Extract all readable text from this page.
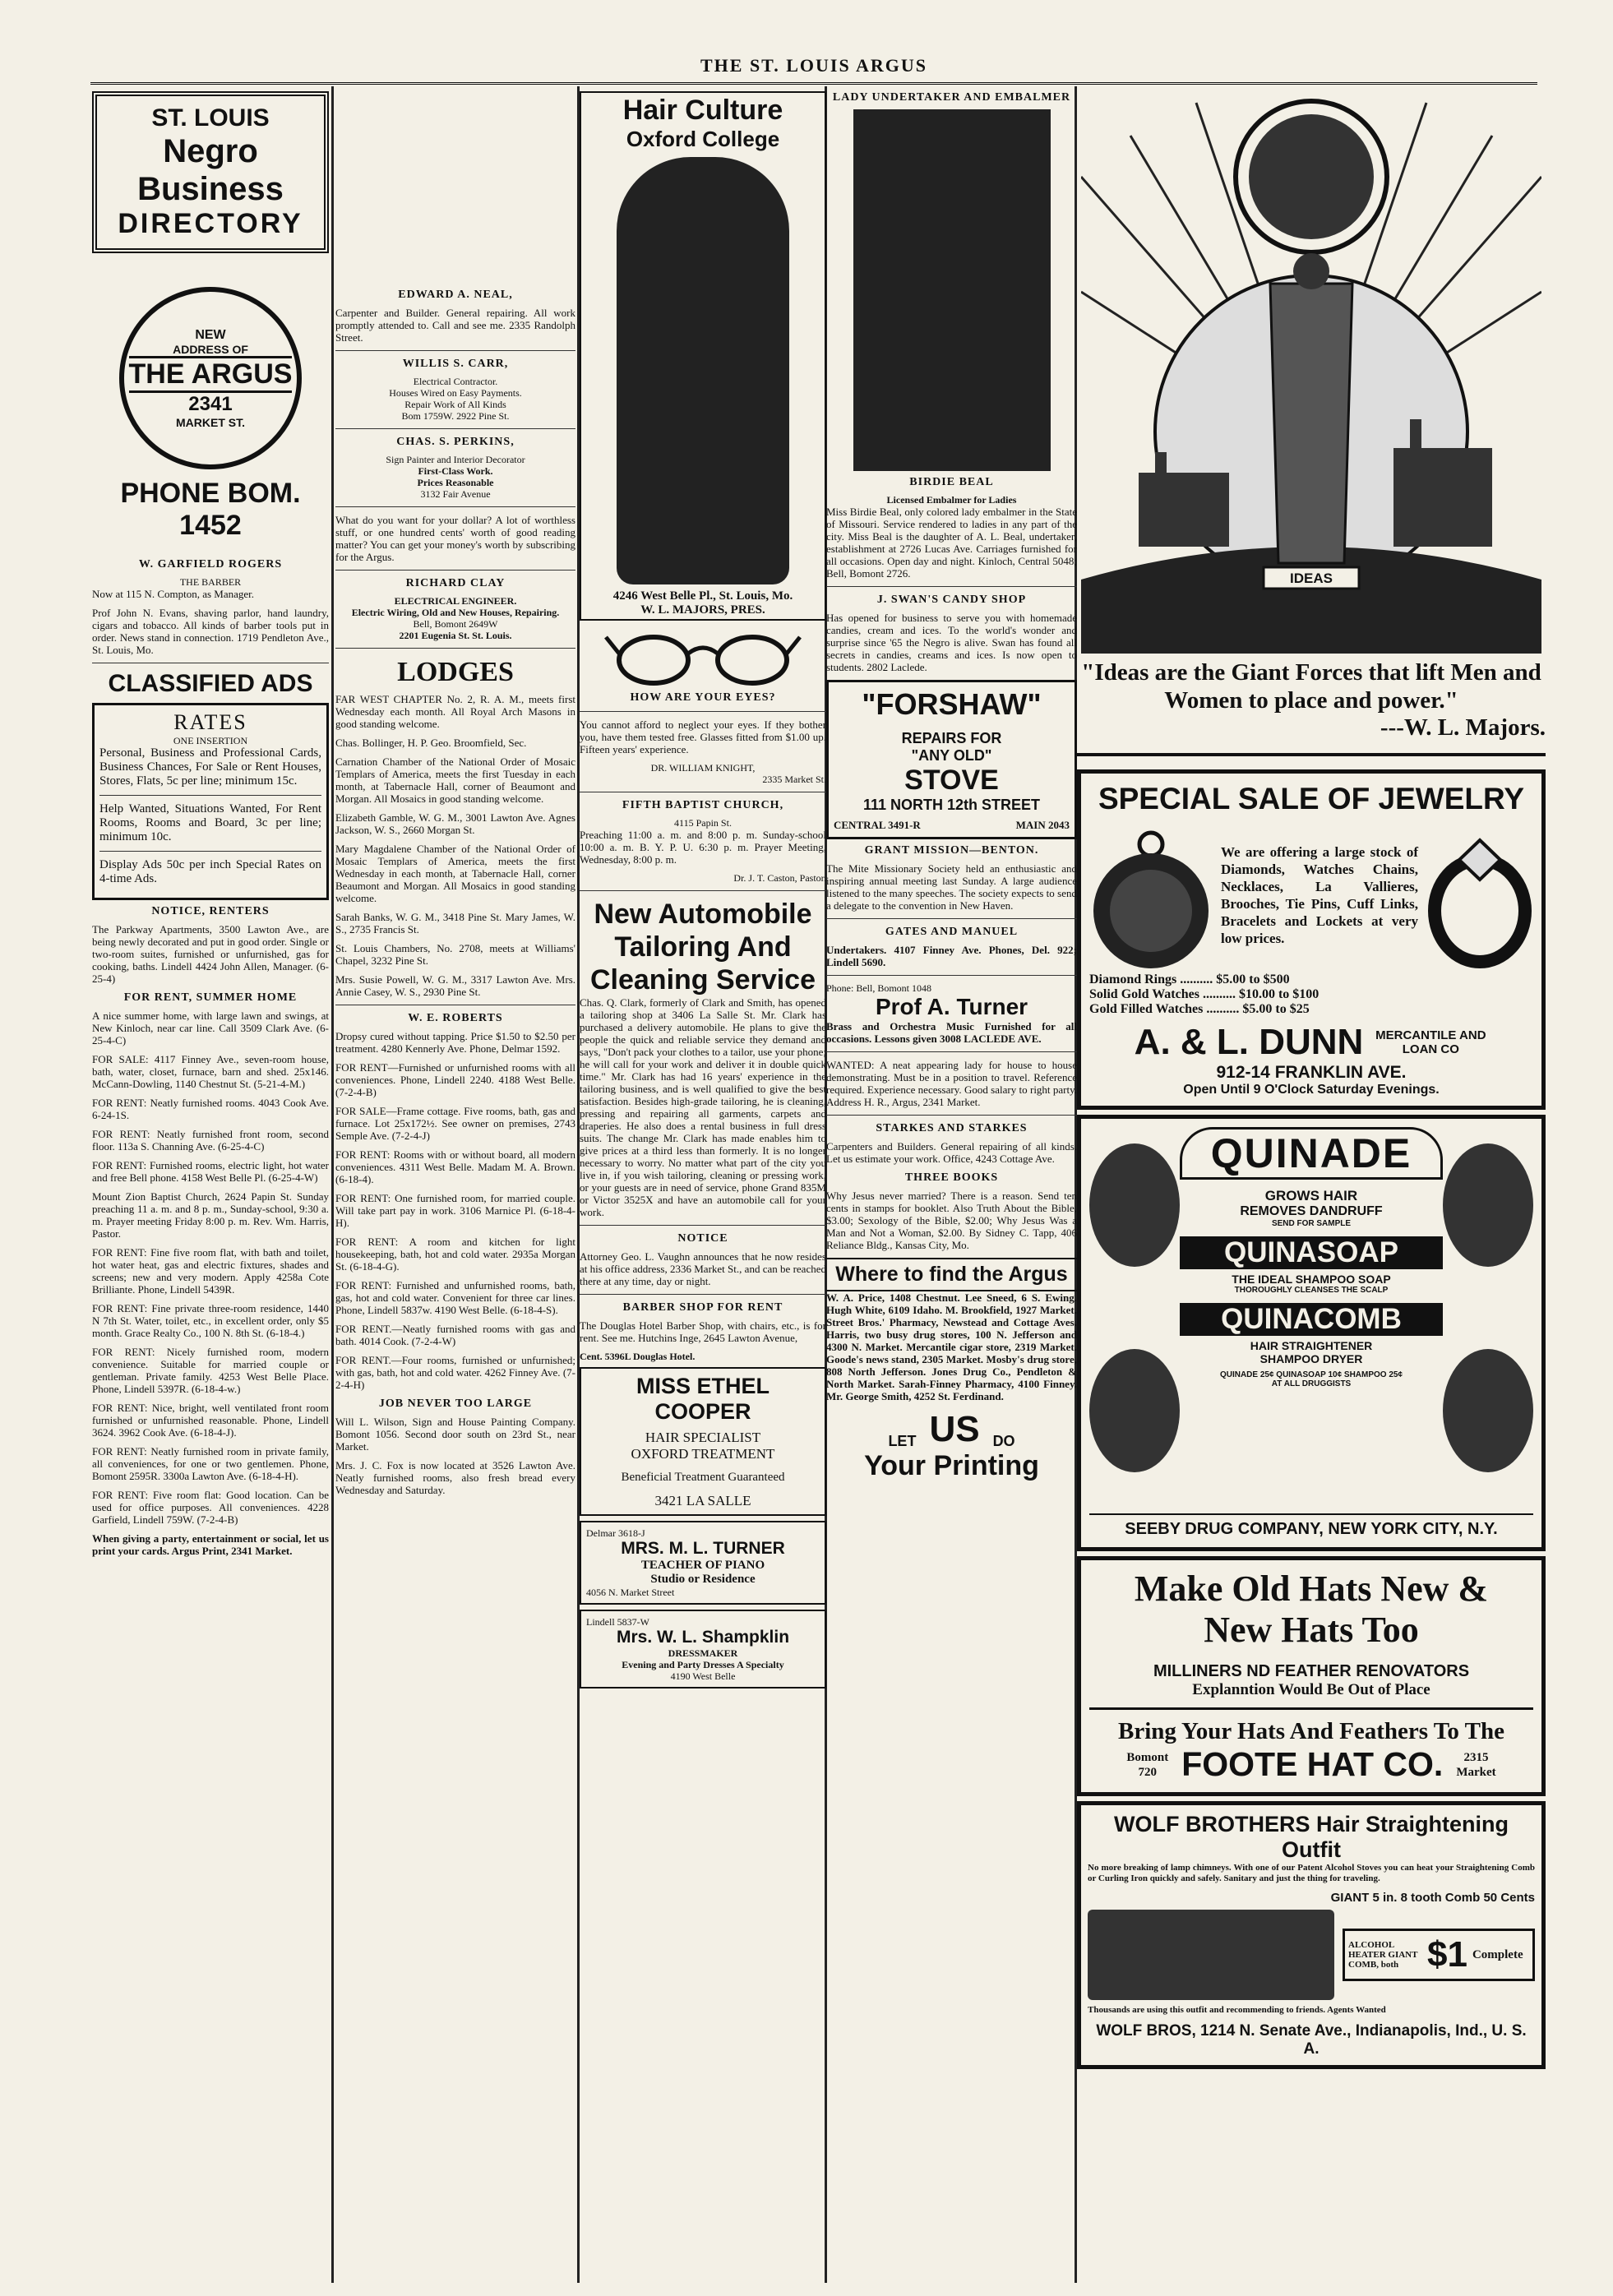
THE ST. LOUIS ARGUS
ST. LOUIS
Negro Business
DIRECTORY
NEW
ADDRESS OF
THE ARGUS
2341
MARKET ST.
PHONE BOM. 1452
W. GARFIELD ROGERS
THE BARBER

Now at 115 N. Compton, as Manager.

Prof John N. Evans, shaving parlor, hand laundry, cigars and tobacco. All kinds of barber tools put in order. News stand in connection. 1719 Pendleton Ave., St. Louis, Mo.

CLASSIFIED ADS
RATES
ONE INSERTION

Personal, Business and Professional Cards, Business Chances, For Sale or Rent Houses, Stores, Flats, 5c per line; minimum 15c.

Help Wanted, Situations Wanted, For Rent Rooms, Rooms and Board, 3c per line; minimum 10c.

Display Ads 50c per inch Special Rates on 4-time Ads.

NOTICE, RENTERS

The Parkway Apartments, 3500 Lawton Ave., are being newly decorated and put in good order. Single or two-room suites, furnished or unfurnished, gas for cooking, baths. Lindell 4424 John Allen, Manager. (6-25-4)

FOR RENT, SUMMER HOME

A nice summer home, with large lawn and swings, at New Kinloch, near car line. Call 3509 Clark Ave. (6-25-4-C)

FOR SALE: 4117 Finney Ave., seven-room house, bath, water, closet, furnace, barn and shed. 25x146. McCann-Dowling, 1140 Chestnut St. (5-21-4-M.)

FOR RENT: Neatly furnished rooms. 4043 Cook Ave. 6-24-1S.

FOR RENT: Neatly furnished front room, second floor. 113a S. Channing Ave. (6-25-4-C)

FOR RENT: Furnished rooms, electric light, hot water and free Bell phone. 4158 West Belle Pl. (6-25-4-W)

Mount Zion Baptist Church, 2624 Papin St. Sunday preaching 11 a. m. and 8 p. m., Sunday-school, 9:30 a. m. Prayer meeting Friday 8:00 p. m. Rev. Wm. Harris, Pastor.

FOR RENT: Fine five room flat, with bath and toilet, hot water heat, gas and electric fixtures, shades and screens; new and very modern. Apply 4258a Cote Brilliante. Phone, Lindell 5439R.

FOR RENT: Fine private three-room residence, 1440 N 7th St. Water, toilet, etc., in excellent order, only $5 month. Grace Realty Co., 100 N. 8th St. (6-18-4.)

FOR RENT: Nicely furnished room, modern convenience. Suitable for married couple or gentleman. Private family. 4253 West Belle Place. Phone, Lindell 5397R. (6-18-4-w.)

FOR RENT: Nice, bright, well ventilated front room furnished or unfurnished reasonable. Phone, Lindell 3624. 3962 Cook Ave. (6-18-4-J).

FOR RENT: Neatly furnished room in private family, all conveniences, for one or two gentlemen. Phone, Bomont 2595R. 3300a Lawton Ave. (6-18-4-H).

FOR RENT: Five room flat: Good location. Can be used for office purposes. All conveniences. 4228 Garfield, Lindell 759W. (7-2-4-B)

When giving a party, entertainment or social, let us print your cards. Argus Print, 2341 Market.

EDWARD A. NEAL,

Carpenter and Builder. General repairing. All work promptly attended to. Call and see me. 2335 Randolph Street.

WILLIS S. CARR,
Electrical Contractor.
Houses Wired on Easy Payments.
Repair Work of All Kinds
Bom 1759W. 2922 Pine St.
CHAS. S. PERKINS,
Sign Painter and Interior Decorator
First-Class Work.
Prices Reasonable
3132 Fair Avenue

What do you want for your dollar? A lot of worthless stuff, or one hundred cents' worth of good reading matter? You can get your money's worth by subscribing for the Argus.

RICHARD CLAY
ELECTRICAL ENGINEER.
Electric Wiring, Old and New Houses, Repairing.
Bell, Bomont 2649W
2201 Eugenia St. St. Louis.
LODGES

FAR WEST CHAPTER No. 2, R. A. M., meets first Wednesday each month. All Royal Arch Masons in good standing welcome.

Chas. Bollinger, H. P. Geo. Broomfield, Sec.

Carnation Chamber of the National Order of Mosaic Templars of America, meets the first Tuesday in each month, at Tabernacle Hall, corner of Beaumont and Morgan. All Mosaics in good standing welcome.

Elizabeth Gamble, W. G. M., 3001 Lawton Ave. Agnes Jackson, W. S., 2660 Morgan St.

Mary Magdalene Chamber of the National Order of Mosaic Templars of America, meets the first Wednesday in each month, at Tabernacle Hall, corner Beaumont and Morgan. All Mosaics in good standing welcome.

Sarah Banks, W. G. M., 3418 Pine St. Mary James, W. S., 2735 Francis St.

St. Louis Chambers, No. 2708, meets at Williams' Chapel, 3232 Pine St.

Mrs. Susie Powell, W. G. M., 3317 Lawton Ave. Mrs. Annie Casey, W. S., 2930 Pine St.

W. E. ROBERTS

Dropsy cured without tapping. Price $1.50 to $2.50 per treatment. 4280 Kennerly Ave. Phone, Delmar 1592.

FOR RENT—Furnished or unfurnished rooms with all conveniences. Phone, Lindell 2240. 4188 West Belle. (7-2-4-B)

FOR SALE—Frame cottage. Five rooms, bath, gas and furnace. Lot 25x172½. See owner on premises, 2743 Semple Ave. (7-2-4-J)

FOR RENT: Rooms with or without board, all modern conveniences. 4311 West Belle. Madam M. A. Brown. (6-18-4).

FOR RENT: One furnished room, for married couple. Will take part pay in work. 3106 Marnice Pl. (6-18-4-H).

FOR RENT: A room and kitchen for light housekeeping, bath, hot and cold water. 2935a Morgan St. (6-18-4-G).

FOR RENT: Furnished and unfurnished rooms, bath, gas, hot and cold water. Convenient for three car lines. Phone, Lindell 5837w. 4190 West Belle. (6-18-4-S).

FOR RENT.—Neatly furnished rooms with gas and bath. 4014 Cook. (7-2-4-W)

FOR RENT.—Four rooms, furnished or unfurnished; with gas, bath, hot and cold water. 4262 Finney Ave. (7-2-4-H)

JOB NEVER TOO LARGE

Will L. Wilson, Sign and House Painting Company. Bomont 1056. Second door south on 23rd St., near Market.

Mrs. J. C. Fox is now located at 3526 Lawton Ave. Neatly furnished rooms, also fresh bread every Wednesday and Saturday.

Hair Culture
Oxford College
4246 West Belle Pl., St. Louis, Mo.
W. L. MAJORS, PRES.
HOW ARE YOUR EYES?

You cannot afford to neglect your eyes. If they bother you, have them tested free. Glasses fitted from $1.00 up. Fifteen years' experience.

DR. WILLIAM KNIGHT,
2335 Market St.
FIFTH BAPTIST CHURCH,
4115 Papin St.

Preaching 11:00 a. m. and 8:00 p. m. Sunday-school 10:00 a. m. B. Y. P. U. 6:30 p. m. Prayer Meeting, Wednesday, 8:00 p. m.

Dr. J. T. Caston, Pastor.
New Automobile
Tailoring And
Cleaning Service

Chas. Q. Clark, formerly of Clark and Smith, has opened a tailoring shop at 3406 La Salle St. Mr. Clark has purchased a delivery automobile. He plans to give the people the quick and reliable service they demand and says, "Don't pack your clothes to a tailor, use your phone; he will call for your work and deliver it in double quick time." Mr. Clark has had 16 years' experience in the tailoring business, and is well qualified to give the best satisfaction. Besides high-grade tailoring, he is cleaning, pressing and repairing all garments, carpets and draperies. He also does a rental business in full dress suits. The change Mr. Clark has made enables him to give prices at a third less than formerly. It is no longer necessary to worry. No matter what part of the city you live in, if you wish tailoring, cleaning or pressing work, or your guests are in need of service, phone Grand 835M or Victor 3525X and have an automobile call for your work.

NOTICE

Attorney Geo. L. Vaughn announces that he now resides at his office address, 2336 Market St., and can be reached there at any time, day or night.

BARBER SHOP FOR RENT

The Douglas Hotel Barber Shop, with chairs, etc., is for rent. See me. Hutchins Inge, 2645 Lawton Avenue,

Cent. 5396L Douglas Hotel.
MISS ETHEL COOPER
HAIR SPECIALIST
OXFORD TREATMENT
Beneficial Treatment Guaranteed
3421 LA SALLE
Delmar 3618-J
MRS. M. L. TURNER
TEACHER OF PIANO
Studio or Residence
4056 N. Market Street
Lindell 5837-W
Mrs. W. L. Shampklin
DRESSMAKER
Evening and Party Dresses A Specialty
4190 West Belle
LADY UNDERTAKER AND EMBALMER
BIRDIE BEAL
Licensed Embalmer for Ladies

Miss Birdie Beal, only colored lady embalmer in the State of Missouri. Service rendered to ladies in any part of the city. Miss Beal is the daughter of A. L. Beal, undertaker, establishment at 2726 Lucas Ave. Carriages furnished for all occasions. Open day and night. Kinloch, Central 5048; Bell, Bomont 2726.

J. SWAN'S CANDY SHOP

Has opened for business to serve you with homemade candies, cream and ices. To the world's wonder and surprise since '65 the Negro is alive. Swan has found all secrets in candies, creams and ices. Is now open to students. 2802 Laclede.

"FORSHAW"
REPAIRS FOR
"ANY OLD"
STOVE
111 NORTH 12th STREET
CENTRAL 3491-R	MAIN 2043
GRANT MISSION—BENTON.

The Mite Missionary Society held an enthusiastic and inspiring annual meeting last Sunday. A large audience listened to the many speeches. The society expects to send a delegate to the convention in New Haven.

GATES AND MANUEL

Undertakers. 4107 Finney Ave. Phones, Del. 922; Lindell 5690.

Phone: Bell, Bomont 1048
Prof A. Turner

Brass and Orchestra Music Furnished for all occasions. Lessons given 3008 LACLEDE AVE.

WANTED: A neat appearing lady for house to house demonstrating. Must be in a position to travel. Reference required. Experience necessary. Good salary to right party. Address H. R., Argus, 2341 Market.

STARKES AND STARKES

Carpenters and Builders. General repairing of all kinds. Let us estimate your work. Office, 4243 Cottage Ave.

THREE BOOKS

Why Jesus never married? There is a reason. Send ten cents in stamps for booklet. Also Truth About the Bible, $3.00; Sexology of the Bible, $2.00; Why Jesus Was a Man and Not a Woman, $2.00. By Sidney C. Tapp, 406 Reliance Bldg., Kansas City, Mo.

Where to find the Argus

W. A. Price, 1408 Chestnut. Lee Sneed, 6 S. Ewing. Hugh White, 6109 Idaho. M. Brookfield, 1927 Market. Street Bros.' Pharmacy, Newstead and Cottage Aves. Harris, two busy drug stores, 100 N. Jefferson and 4300 N. Market. Mercantile cigar store, 2319 Market. Goode's news stand, 2305 Market. Mosby's drug store, 808 North Jefferson. Jones Drug Co., Pendleton & North Market. Sarah-Finney Pharmacy, 4100 Finney. Mr. George Smith, 4252 St. Ferdinand.

LET US DO
Your Printing
IDEAS
"Ideas are the Giant Forces that lift Men and Women to place and power."
---W. L. Majors.
SPECIAL SALE OF JEWELRY

We are offering a large stock of Diamonds, Watches Chains, Necklaces, La Vallieres, Brooches, Tie Pins, Cuff Links, Bracelets and Lockets at very low prices.

Diamond Rings .......... $5.00 to $500
Solid Gold Watches .......... $10.00 to $100
Gold Filled Watches .......... $5.00 to $25
A. & L. DUNN MERCANTILE AND LOAN CO
912-14 FRANKLIN AVE.
Open Until 9 O'Clock Saturday Evenings.
QUINADE
GROWS HAIR
REMOVES DANDRUFF
SEND FOR SAMPLE
QUINASOAP
THE IDEAL SHAMPOO SOAP
THOROUGHLY CLEANSES THE SCALP
QUINACOMB
HAIR STRAIGHTENER
SHAMPOO DRYER
QUINADE 25¢ QUINASOAP 10¢ SHAMPOO 25¢
AT ALL DRUGGISTS
SEEBY DRUG COMPANY, NEW YORK CITY, N.Y.
Make Old Hats New &
New Hats Too
MILLINERS ND FEATHER RENOVATORS
Explanntion Would Be Out of Place
Bring Your Hats And Feathers To The
Bomont
720 FOOTE HAT CO.	2315
Market
WOLF BROTHERS Hair Straightening Outfit

No more breaking of lamp chimneys. With one of our Patent Alcohol Stoves you can heat your Straightening Comb or Curling Iron quickly and safely. Sanitary and just the thing for traveling.

GIANT 5 in. 8 tooth Comb 50 Cents
ALCOHOL HEATER GIANT COMB, both $1 Complete

Thousands are using this outfit and recommending to friends. Agents Wanted

WOLF BROS, 1214 N. Senate Ave., Indianapolis, Ind., U. S. A.
